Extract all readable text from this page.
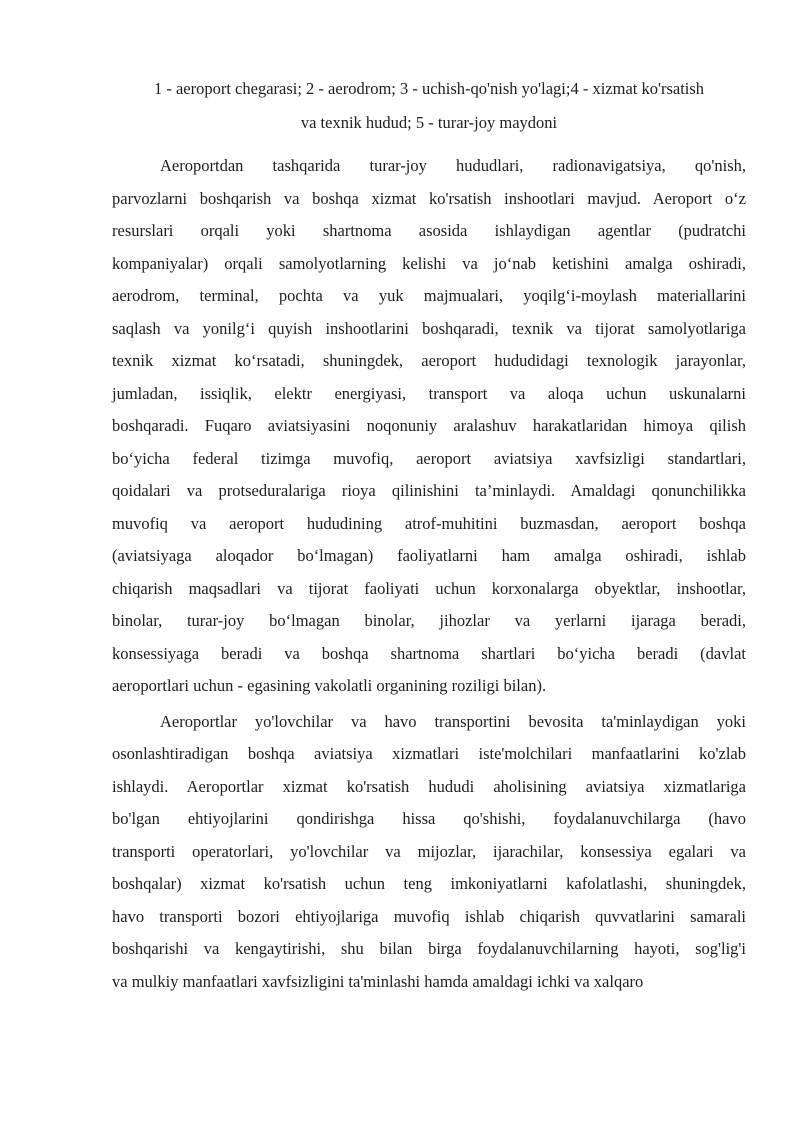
1 - aeroport chegarasi; 2 - aerodrom; 3 - uchish-qo'nish yo'lagi;4 - xizmat ko'rsatish
va texnik hudud; 5 - turar-joy maydoni
Aeroportdan tashqarida turar-joy hududlari, radionavigatsiya, qo'nish,
parvozlarni boshqarish va boshqa xizmat ko'rsatish inshootlari mavjud. Aeroport oʻz
resurslari orqali yoki shartnoma asosida ishlaydigan agentlar (pudratchi
kompaniyalar) orqali samolyotlarning kelishi va joʻnab ketishini amalga oshiradi,
aerodrom, terminal, pochta va yuk majmualari, yoqilgʻi-moylash materiallarini
saqlash va yonilgʻi quyish inshootlarini boshqaradi, texnik va tijorat samolyotlariga
texnik xizmat koʻrsatadi, shuningdek, aeroport hududidagi texnologik jarayonlar,
jumladan, issiqlik, elektr energiyasi, transport va aloqa uchun uskunalarni
boshqaradi. Fuqaro aviatsiyasini noqonuniy aralashuv harakatlaridan himoya qilish
boʻyicha federal tizimga muvofiq, aeroport aviatsiya xavfsizligi standartlari,
qoidalari va protseduralariga rioya qilinishini ta’minlaydi. Amaldagi qonunchilikka
muvofiq va aeroport hududining atrof-muhitini buzmasdan, aeroport boshqa
(aviatsiyaga aloqador boʻlmagan) faoliyatlarni ham amalga oshiradi, ishlab
chiqarish maqsadlari va tijorat faoliyati uchun korxonalarga obyektlar, inshootlar,
binolar, turar-joy boʻlmagan binolar, jihozlar va yerlarni ijaraga beradi,
konsessiyaga beradi va boshqa shartnoma shartlari boʻyicha beradi (davlat
aeroportlari uchun - egasining vakolatli organining roziligi bilan).
Aeroportlar yo'lovchilar va havo transportini bevosita ta'minlaydigan yoki
osonlashtiradigan boshqa aviatsiya xizmatlari iste'molchilari manfaatlarini ko'zlab
ishlaydi. Aeroportlar xizmat ko'rsatish hududi aholisining aviatsiya xizmatlariga
bo'lgan ehtiyojlarini qondirishga hissa qo'shishi, foydalanuvchilarga (havo
transporti operatorlari, yo'lovchilar va mijozlar, ijarachilar, konsessiya egalari va
boshqalar) xizmat ko'rsatish uchun teng imkoniyatlarni kafolatlashi, shuningdek,
havo transporti bozori ehtiyojlariga muvofiq ishlab chiqarish quvvatlarini samarali
boshqarishi va kengaytirishi, shu bilan birga foydalanuvchilarning hayoti, sog'lig'i
va mulkiy manfaatlari xavfsizligini ta'minlashi hamda amaldagi ichki va xalqaro
